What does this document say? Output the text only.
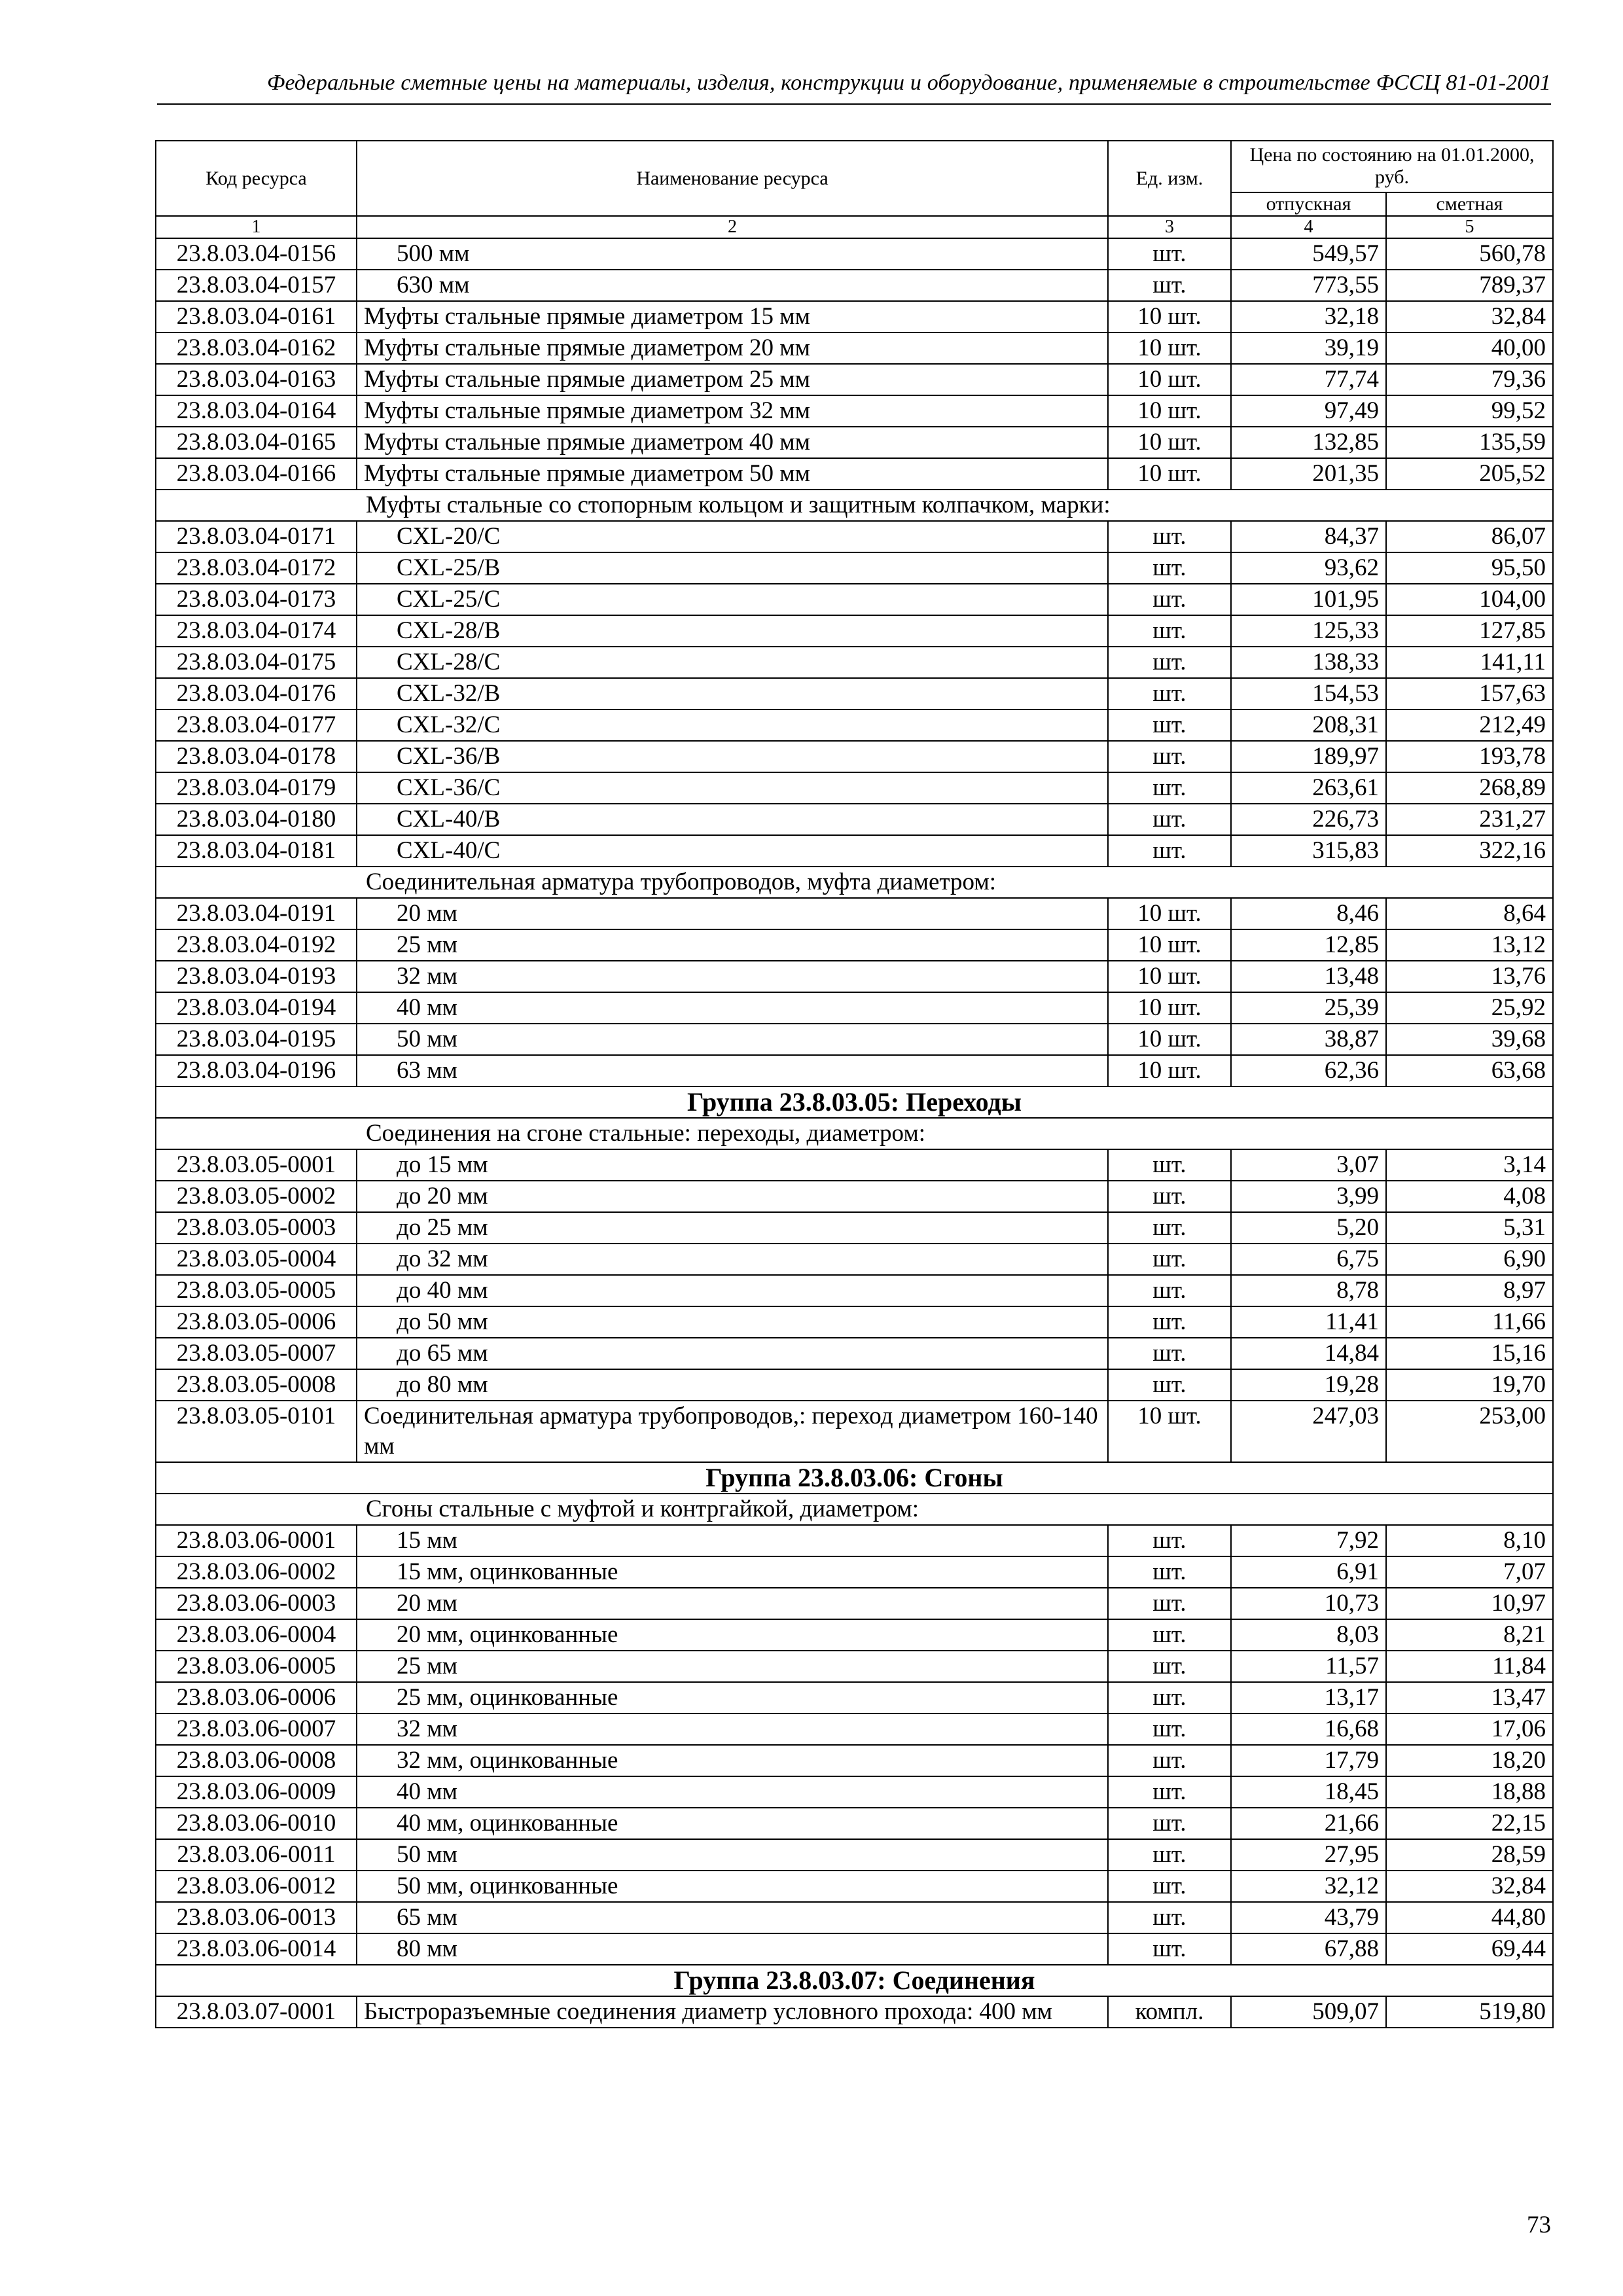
Федеральные сметные цены на материалы, изделия, конструкции и оборудование, применяемые в строительстве ФССЦ 81-01-2001
Код ресурса	Наименование ресурса	Ед. изм.	Цена по состоянию на 01.01.2000, руб.	
			отпускная	сметная
1	2	3	4	5
23.8.03.04-0156	500 мм	шт.	549,57	560,78
23.8.03.04-0157	630 мм	шт.	773,55	789,37
23.8.03.04-0161	Муфты стальные прямые диаметром 15 мм	10 шт.	32,18	32,84
23.8.03.04-0162	Муфты стальные прямые диаметром 20 мм	10 шт.	39,19	40,00
23.8.03.04-0163	Муфты стальные прямые диаметром 25 мм	10 шт.	77,74	79,36
23.8.03.04-0164	Муфты стальные прямые диаметром 32 мм	10 шт.	97,49	99,52
23.8.03.04-0165	Муфты стальные прямые диаметром 40 мм	10 шт.	132,85	135,59
23.8.03.04-0166	Муфты стальные прямые диаметром 50 мм	10 шт.	201,35	205,52
Муфты стальные со стопорным кольцом и защитным колпачком, марки:				
23.8.03.04-0171	CXL-20/C	шт.	84,37	86,07
23.8.03.04-0172	CXL-25/B	шт.	93,62	95,50
23.8.03.04-0173	CXL-25/C	шт.	101,95	104,00
23.8.03.04-0174	CXL-28/B	шт.	125,33	127,85
23.8.03.04-0175	CXL-28/C	шт.	138,33	141,11
23.8.03.04-0176	CXL-32/B	шт.	154,53	157,63
23.8.03.04-0177	CXL-32/C	шт.	208,31	212,49
23.8.03.04-0178	CXL-36/B	шт.	189,97	193,78
23.8.03.04-0179	CXL-36/C	шт.	263,61	268,89
23.8.03.04-0180	CXL-40/B	шт.	226,73	231,27
23.8.03.04-0181	CXL-40/C	шт.	315,83	322,16
Соединительная арматура трубопроводов, муфта диаметром:				
23.8.03.04-0191	20 мм	10 шт.	8,46	8,64
23.8.03.04-0192	25 мм	10 шт.	12,85	13,12
23.8.03.04-0193	32 мм	10 шт.	13,48	13,76
23.8.03.04-0194	40 мм	10 шт.	25,39	25,92
23.8.03.04-0195	50 мм	10 шт.	38,87	39,68
23.8.03.04-0196	63 мм	10 шт.	62,36	63,68
Группа 23.8.03.05: Переходы				
Соединения на сгоне стальные: переходы, диаметром:				
23.8.03.05-0001	до 15 мм	шт.	3,07	3,14
23.8.03.05-0002	до 20 мм	шт.	3,99	4,08
23.8.03.05-0003	до 25 мм	шт.	5,20	5,31
23.8.03.05-0004	до 32 мм	шт.	6,75	6,90
23.8.03.05-0005	до 40 мм	шт.	8,78	8,97
23.8.03.05-0006	до 50 мм	шт.	11,41	11,66
23.8.03.05-0007	до 65 мм	шт.	14,84	15,16
23.8.03.05-0008	до 80 мм	шт.	19,28	19,70
23.8.03.05-0101	Соединительная арматура трубопроводов,: переход диаметром 160-140 мм	10 шт.	247,03	253,00
Группа 23.8.03.06: Сгоны				
Сгоны стальные с муфтой и контргайкой, диаметром:				
23.8.03.06-0001	15 мм	шт.	7,92	8,10
23.8.03.06-0002	15 мм, оцинкованные	шт.	6,91	7,07
23.8.03.06-0003	20 мм	шт.	10,73	10,97
23.8.03.06-0004	20 мм, оцинкованные	шт.	8,03	8,21
23.8.03.06-0005	25 мм	шт.	11,57	11,84
23.8.03.06-0006	25 мм, оцинкованные	шт.	13,17	13,47
23.8.03.06-0007	32 мм	шт.	16,68	17,06
23.8.03.06-0008	32 мм, оцинкованные	шт.	17,79	18,20
23.8.03.06-0009	40 мм	шт.	18,45	18,88
23.8.03.06-0010	40 мм, оцинкованные	шт.	21,66	22,15
23.8.03.06-0011	50 мм	шт.	27,95	28,59
23.8.03.06-0012	50 мм, оцинкованные	шт.	32,12	32,84
23.8.03.06-0013	65 мм	шт.	43,79	44,80
23.8.03.06-0014	80 мм	шт.	67,88	69,44
Группа 23.8.03.07: Соединения				
23.8.03.07-0001	Быстроразъемные соединения диаметр условного прохода: 400 мм	компл.	509,07	519,80
73
